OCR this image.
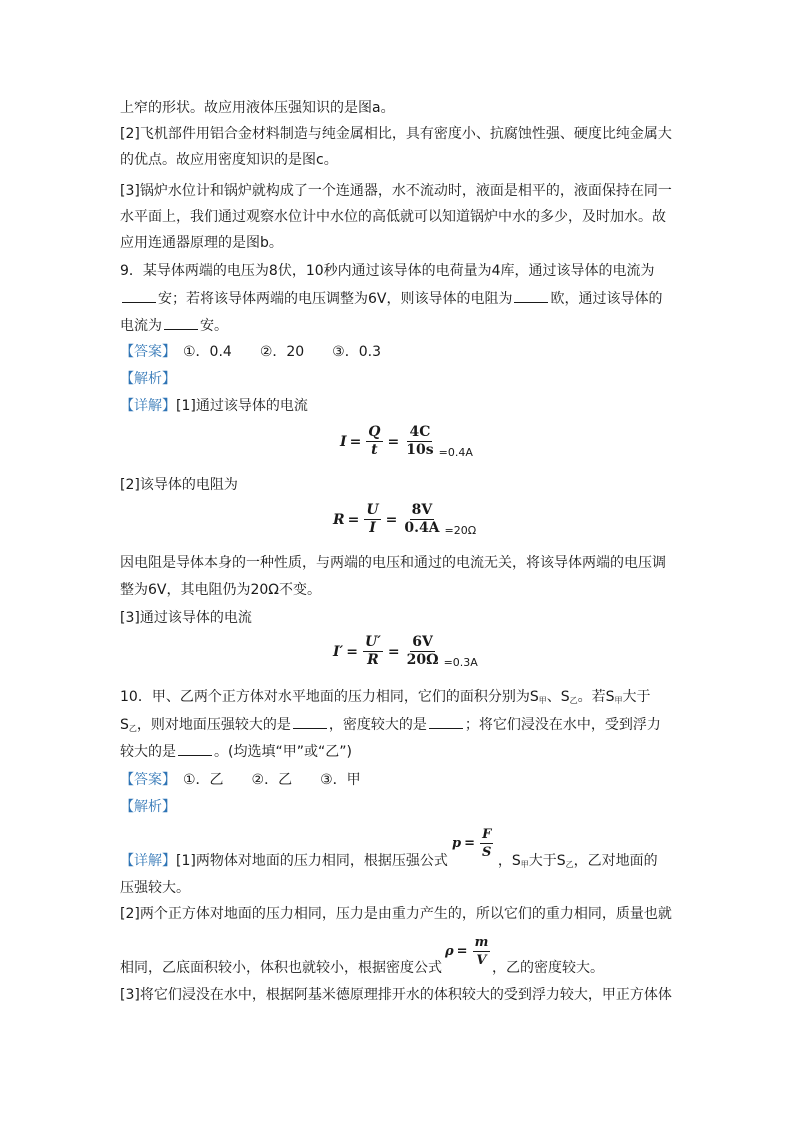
上窄的形状。故应用液体压强知识的是图a。
[2]飞机部件用铝合金材料制造与纯金属相比，具有密度小、抗腐蚀性强、硬度比纯金属大
的优点。故应用密度知识的是图c。
[3]锅炉水位计和锅炉就构成了一个连通器，水不流动时，液面是相平的，液面保持在同一
水平面上，我们通过观察水位计中水位的高低就可以知道锅炉中水的多少，及时加水。故
应用连通器原理的是图b。
9．某导体两端的电压为8伏，10秒内通过该导体的电荷量为4库，通过该导体的电流为
安；若将该导体两端的电压调整为6V，则该导体的电阻为	欧，通过该导体的
电流为	安。
【答案】　 ①．0.4　　②．20　　③．0.3
【解析】
【详解】[1]通过该导体的电流
$I = \frac{Q}{t} = \frac{4C}{10s} =0.4A$
[2]该导体的电阻为
$R = \frac{U}{I} = \frac{8V}{0.4A} =20\Omega$
因电阻是导体本身的一种性质，与两端的电压和通过的电流无关，将该导体两端的电压调
整为6V，其电阻仍为20Ω不变。
[3]通过该导体的电流
$I' = \frac{U'}{R} = \frac{6V}{20\Omega} =0.3A$
10．甲、乙两个正方体对水平地面的压力相同，它们的面积分别为$S_甲$、$S_乙$。若$S_甲$大于
$S_乙$，则对地面压强较大的是	，密度较大的是	；将它们浸没在水中，受到浮力
较大的是	。(均选填“甲”或“乙”)
【答案】　 ①．乙　　②．乙　　③．甲
【解析】
【详解】[1]两物体对地面的压力相同，根据压强公式	，$S_甲$大于$S_乙$，乙对地面的
$p = \frac{F}{S}$
压强较大。
[2]两个正方体对地面的压力相同，压力是由重力产生的，所以它们的重力相同，质量也就
相同，乙底面积较小，体积也就较小，根据密度公式	，乙的密度较大。
$\rho = \frac{m}{V}$
[3]将它们浸没在水中，根据阿基米德原理排开水的体积较大的受到浮力较大，甲正方体体
